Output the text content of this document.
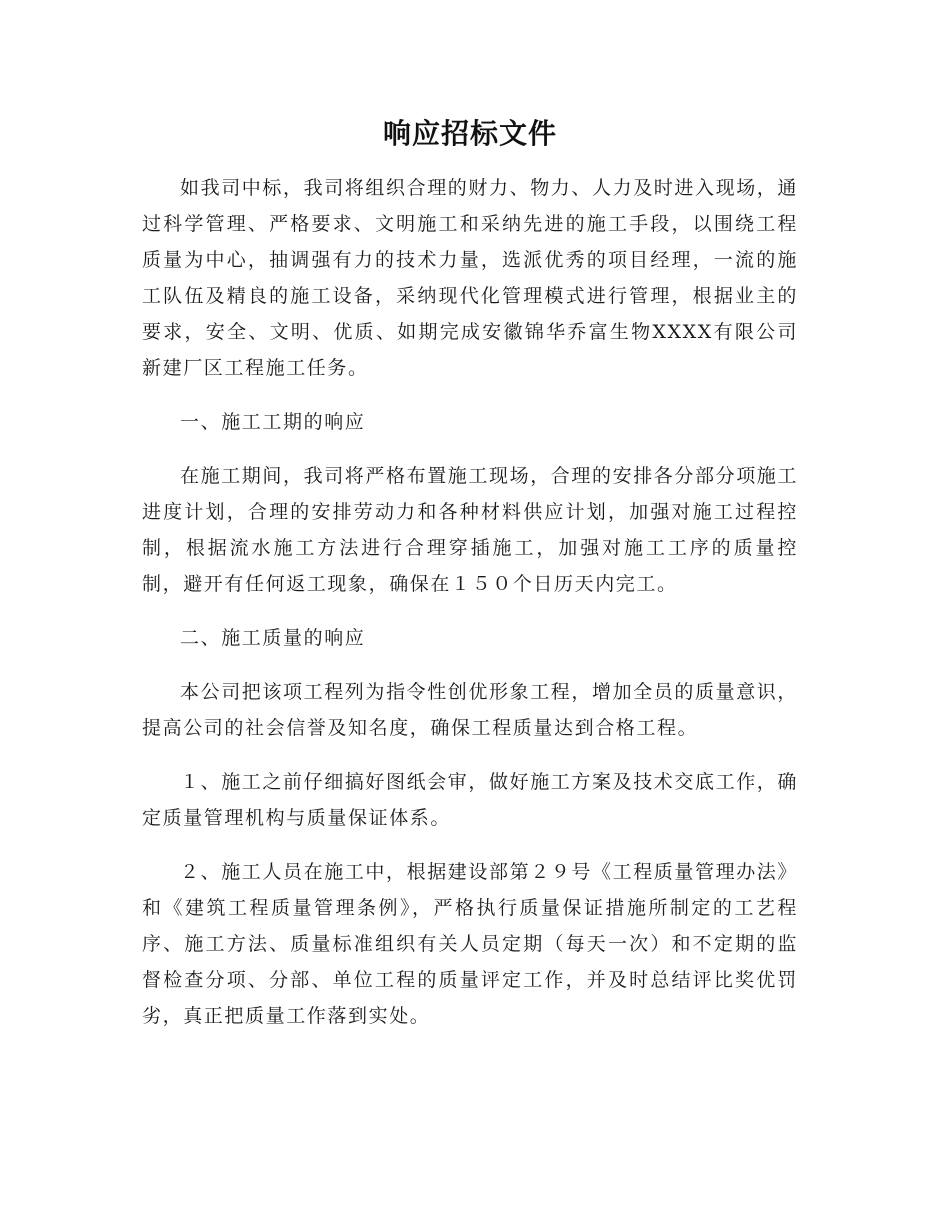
响应招标文件

如我司中标，我司将组织合理的财力、物力、人力及时进入现场，通过科学管理、严格要求、文明施工和采纳先进的施工手段，以围绕工程质量为中心，抽调强有力的技术力量，选派优秀的项目经理，一流的施工队伍及精良的施工设备，采纳现代化管理模式进行管理，根据业主的要求，安全、文明、优质、如期完成安徽锦华乔富生物XXXX有限公司新建厂区工程施工任务。

一、施工工期的响应

在施工期间，我司将严格布置施工现场，合理的安排各分部分项施工进度计划，合理的安排劳动力和各种材料供应计划，加强对施工过程控制，根据流水施工方法进行合理穿插施工，加强对施工工序的质量控制，避开有任何返工现象，确保在１５０个日历天内完工。

二、施工质量的响应

本公司把该项工程列为指令性创优形象工程，增加全员的质量意识，提高公司的社会信誉及知名度，确保工程质量达到合格工程。

１、施工之前仔细搞好图纸会审，做好施工方案及技术交底工作，确定质量管理机构与质量保证体系。

２、施工人员在施工中，根据建设部第２９号《工程质量管理办法》和《建筑工程质量管理条例》，严格执行质量保证措施所制定的工艺程序、施工方法、质量标准组织有关人员定期（每天一次）和不定期的监督检查分项、分部、单位工程的质量评定工作，并及时总结评比奖优罚劣，真正把质量工作落到实处。
